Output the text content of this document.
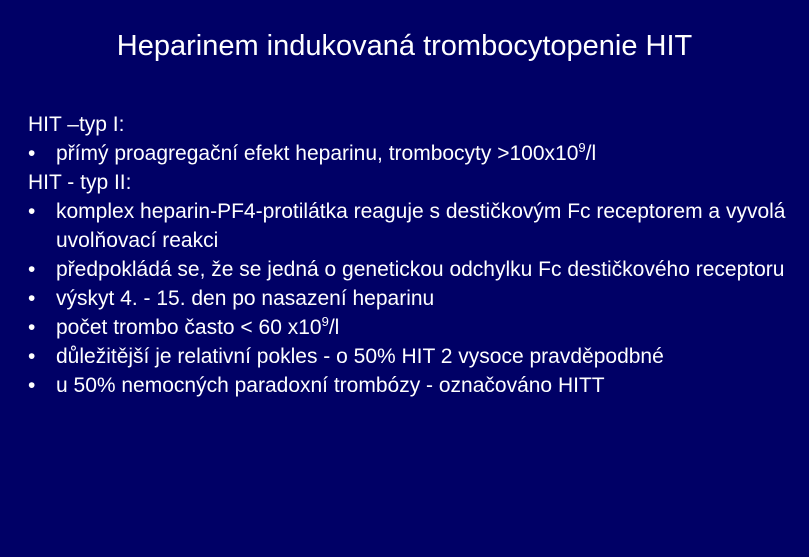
Heparinem indukovaná trombocytopenie HIT

HIT –typ I:

• přímý proagregační efekt heparinu, trombocyty $>100x10^9/l$

HIT - typ II:

• komplex heparin-PF4-protilátka reaguje s destičkovým Fc receptorem a vyvolá uvolňovací reakci
• předpokládá se, že se jedná o genetickou odchylku Fc destičkového receptoru
• výskyt 4. - 15. den po nasazení heparinu
• počet trombo často < 60 $x10^9/l$
• důležitější je relativní pokles - o 50% HIT 2 vysoce pravděpodbné
• u 50% nemocných paradoxní trombózy - označováno HITT
